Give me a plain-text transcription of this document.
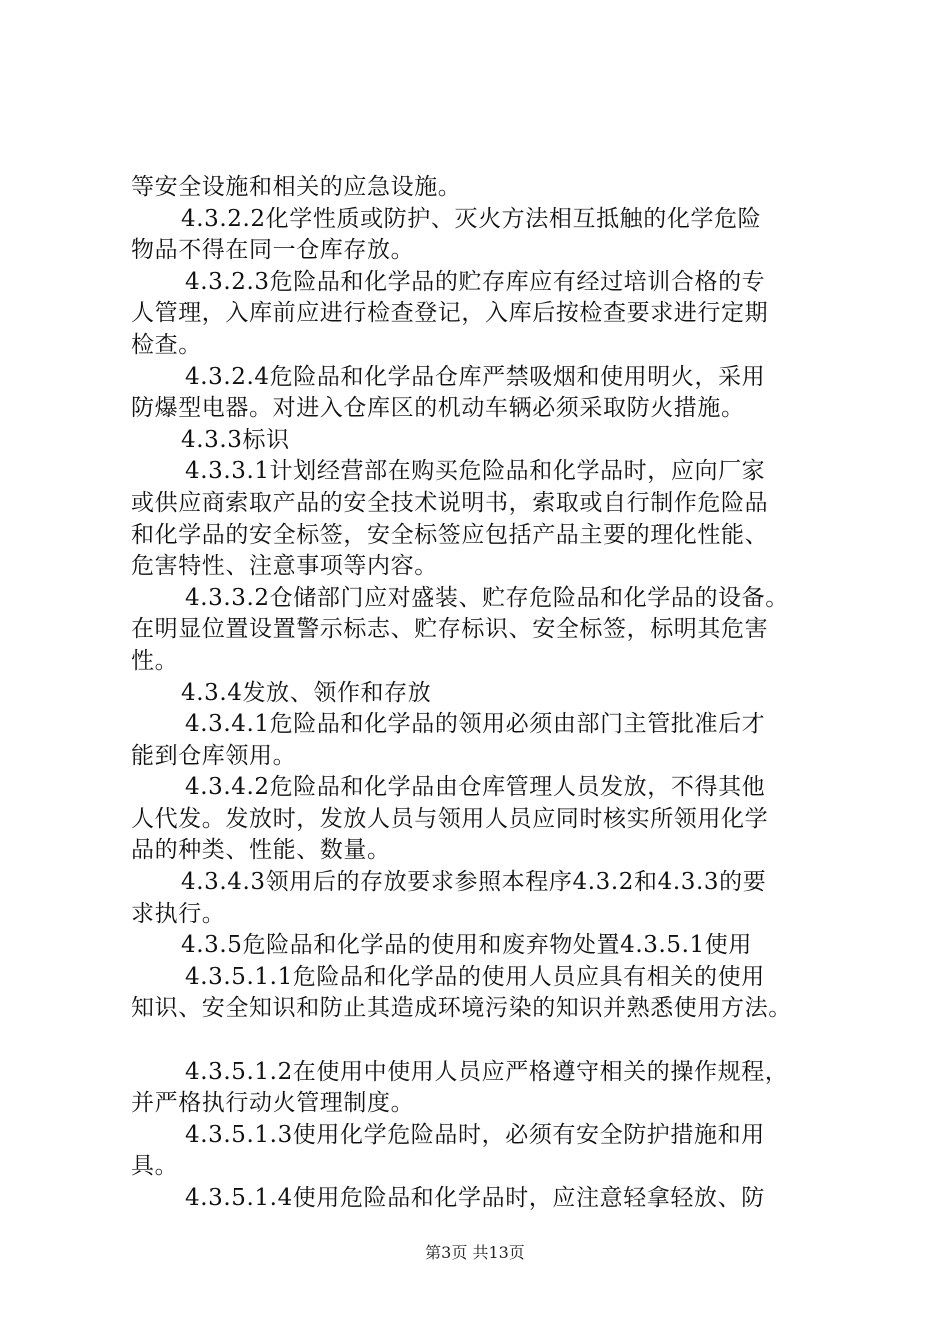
等安全设施和相关的应急设施。
4.3.2.2化学性质或防护、灭火方法相互抵触的化学危险
物品不得在同一仓库存放。
4.3.2.3危险品和化学品的贮存库应有经过培训合格的专
人管理，入库前应进行检查登记，入库后按检查要求进行定期
检查。
4.3.2.4危险品和化学品仓库严禁吸烟和使用明火，采用
防爆型电器。对进入仓库区的机动车辆必须采取防火措施。
4.3.3标识
4.3.3.1计划经营部在购买危险品和化学品时，应向厂家
或供应商索取产品的安全技术说明书，索取或自行制作危险品
和化学品的安全标签，安全标签应包括产品主要的理化性能、
危害特性、注意事项等内容。
4.3.3.2仓储部门应对盛装、贮存危险品和化学品的设备。
在明显位置设置警示标志、贮存标识、安全标签，标明其危害
性。
4.3.4发放、领作和存放
4.3.4.1危险品和化学品的领用必须由部门主管批准后才
能到仓库领用。
4.3.4.2危险品和化学品由仓库管理人员发放，不得其他
人代发。发放时，发放人员与领用人员应同时核实所领用化学
品的种类、性能、数量。
4.3.4.3领用后的存放要求参照本程序4.3.2和4.3.3的要
求执行。
4.3.5危险品和化学品的使用和废弃物处置4.3.5.1使用
4.3.5.1.1危险品和化学品的使用人员应具有相关的使用
知识、安全知识和防止其造成环境污染的知识并熟悉使用方法。
4.3.5.1.2在使用中使用人员应严格遵守相关的操作规程，
并严格执行动火管理制度。
4.3.5.1.3使用化学危险品时，必须有安全防护措施和用
具。
4.3.5.1.4使用危险品和化学品时，应注意轻拿轻放、防
第3页 共13页
